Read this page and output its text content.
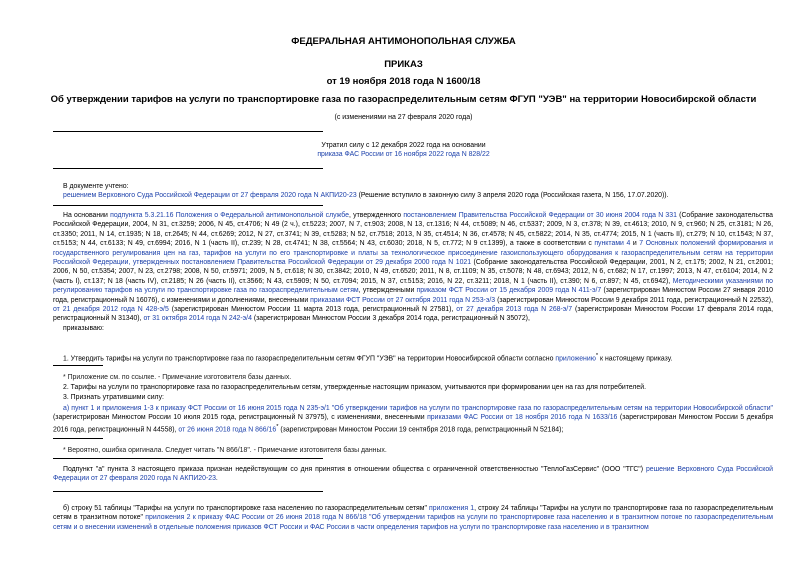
ФЕДЕРАЛЬНАЯ АНТИМОНОПОЛЬНАЯ СЛУЖБА

ПРИКАЗ

от 19 ноября 2018 года N 1600/18

Об утверждении тарифов на услуги по транспортировке газа по газораспределительным сетям ФГУП "УЭВ" на территории Новосибирской области

(с изменениями на 27 февраля 2020 года)

Утратил силу с 12 декабря 2022 года на основании

приказа ФАС России от 16 ноября 2022 года N 828/22

В документе учтено:

решением Верховного Суда Российской Федерации от 27 февраля 2020 года N АКПИ20-23 (Решение вступило в законную силу 3 апреля 2020 года (Российская газета, N 156, 17.07.2020)).

На основании подпункта 5.3.21.16 Положения о Федеральной антимонопольной службе, утвержденного постановлением Правительства Российской Федерации от 30 июня 2004 года N 331 (Собрание законодательства Российской Федерации, 2004, N 31, ст.3259; 2006, N 45, ст.4706; N 49 (2 ч.), ст.5223; 2007, N 7, ст.903; 2008, N 13, ст.1316; N 44, ст.5089; N 46, ст.5337; 2009, N 3, ст.378; N 39, ст.4613; 2010, N 9, ст.960; N 25, ст.3181; N 26, ст.3350; 2011, N 14, ст.1935; N 18, ст.2645; N 44, ст.6269; 2012, N 27, ст.3741; N 39, ст.5283; N 52, ст.7518; 2013, N 35, ст.4514; N 36, ст.4578; N 45, ст.5822; 2014, N 35, ст.4774; 2015, N 1 (часть II), ст.279; N 10, ст.1543; N 37, ст.5153; N 44, ст.6133; N 49, ст.6994; 2016, N 1 (часть II), ст.239; N 28, ст.4741; N 38, ст.5564; N 43, ст.6030; 2018, N 5, ст.772; N 9 ст.1399), а также в соответствии с пунктами 4 и 7 Основных положений формирования и государственного регулирования цен на газ, тарифов на услуги по его транспортировке и платы за технологическое присоединение газоиспользующего оборудования к газораспределительным сетям на территории Российской Федерации, утвержденных постановлением Правительства Российской Федерации от 29 декабря 2000 года N 1021 (Собрание законодательства Российской Федерации, 2001, N 2, ст.175; 2002, N 21, ст.2001; 2006, N 50, ст.5354; 2007, N 23, ст.2798; 2008, N 50, ст.5971; 2009, N 5, ст.618; N 30, ст.3842; 2010, N 49, ст.6520; 2011, N 8, ст.1109; N 35, ст.5078; N 48, ст.6943; 2012, N 6, ст.682; N 17, ст.1997; 2013, N 47, ст.6104; 2014, N 2 (часть I), ст.137; N 18 (часть IV), ст.2185; N 26 (часть II), ст.3566; N 43, ст.5909; N 50, ст.7094; 2015, N 37, ст.5153; 2016, N 22, ст.3211; 2018, N 1 (часть II), ст.390; N 6, ст.897; N 45, ст.6942), Методическими указаниями по регулированию тарифов на услуги по транспортировке газа по газораспределительным сетям, утвержденными приказом ФСТ России от 15 декабря 2009 года N 411-э/7 (зарегистрирован Минюстом России 27 января 2010 года, регистрационный N 16076), с изменениями и дополнениями, внесенными приказами ФСТ России от 27 октября 2011 года N 253-э/3 (зарегистрирован Минюстом России 9 декабря 2011 года, регистрационный N 22532), от 21 декабря 2012 года N 428-э/5 (зарегистрирован Минюстом России 11 марта 2013 года, регистрационный N 27581), от 27 декабря 2013 года N 268-э/7 (зарегистрирован Минюстом России 17 февраля 2014 года, регистрационный N 31340), от 31 октября 2014 года N 242-э/4 (зарегистрирован Минюстом России 3 декабря 2014 года, регистрационный N 35072),

приказываю:

1. Утвердить тарифы на услуги по транспортировке газа по газораспределительным сетям ФГУП "УЭВ" на территории Новосибирской области согласно приложению* к настоящему приказу.

* Приложение см. по ссылке. - Примечание изготовителя базы данных.

2. Тарифы на услуги по транспортировке газа по газораспределительным сетям, утвержденные настоящим приказом, учитываются при формировании цен на газ для потребителей.

3. Признать утратившими силу:

а) пункт 1 и приложения 1-3 к приказу ФСТ России от 16 июня 2015 года N 235-э/1 "Об утверждении тарифов на услуги по транспортировке газа по газораспределительным сетям на территории Новосибирской области" (зарегистрирован Минюстом России 10 июля 2015 года, регистрационный N 37975), с изменениями, внесенными приказами ФАС России от 18 ноября 2016 года N 1633/16 (зарегистрирован Минюстом России 5 декабря 2016 года, регистрационный N 44558), от 26 июня 2018 года N 866/16* (зарегистрирован Минюстом России 19 сентября 2018 года, регистрационный N 52184);

* Вероятно, ошибка оригинала. Следует читать "N 866/18". - Примечание изготовителя базы данных.

Подпункт "а" пункта 3 настоящего приказа признан недействующим со дня принятия в отношении общества с ограниченной ответственностью "ТеплоГазСервис" (ООО "ТГС") решение Верховного Суда Российской Федерации от 27 февраля 2020 года N АКПИ20-23.

б) строку 51 таблицы "Тарифы на услуги по транспортировке газа населению по газораспределительным сетям" приложения 1, строку 24 таблицы "Тарифы на услуги по транспортировке газа по газораспределительным сетям в транзитном потоке" приложения 2 к приказу ФАС России от 26 июня 2018 года N 866/18 "Об утверждении тарифов на услуги по транспортировке газа населению и в транзитном потоке по газораспределительным сетям и о внесении изменений в отдельные положения приказов ФСТ России и ФАС России в части определения тарифов на услуги по транспортировке газа населению и в транзитном
